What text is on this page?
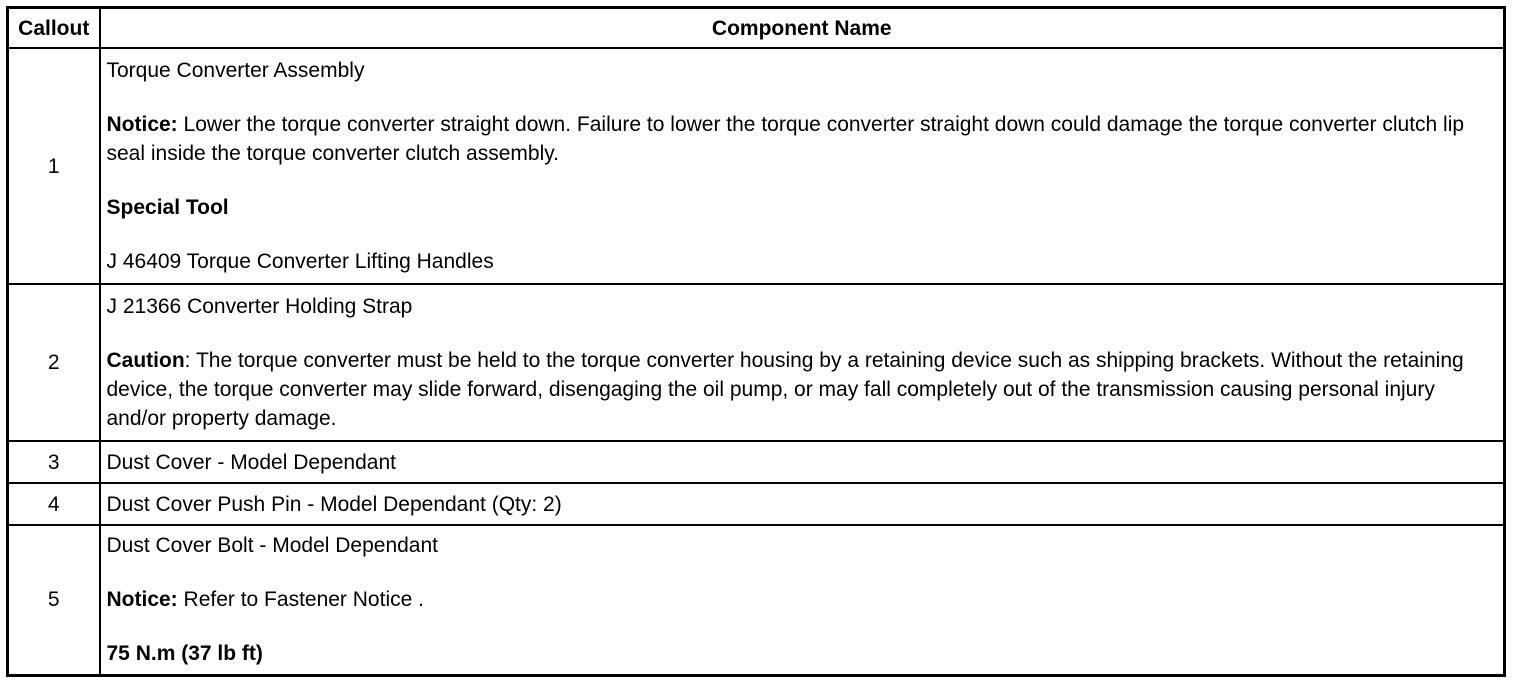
Callout	Component Name
1	Torque Converter Assembly

Notice: Lower the torque converter straight down. Failure to lower the torque converter straight down could damage the torque converter clutch lip seal inside the torque converter clutch assembly.

Special Tool

J 46409 Torque Converter Lifting Handles

2	J 21366 Converter Holding Strap

Caution: The torque converter must be held to the torque converter housing by a retaining device such as shipping brackets. Without the retaining device, the torque converter may slide forward, disengaging the oil pump, or may fall completely out of the transmission causing personal injury and/or property damage.

3	Dust Cover - Model Dependant
4	Dust Cover Push Pin - Model Dependant (Qty: 2)
5	Dust Cover Bolt - Model Dependant

Notice: Refer to Fastener Notice .

75 N.m (37 lb ft)
